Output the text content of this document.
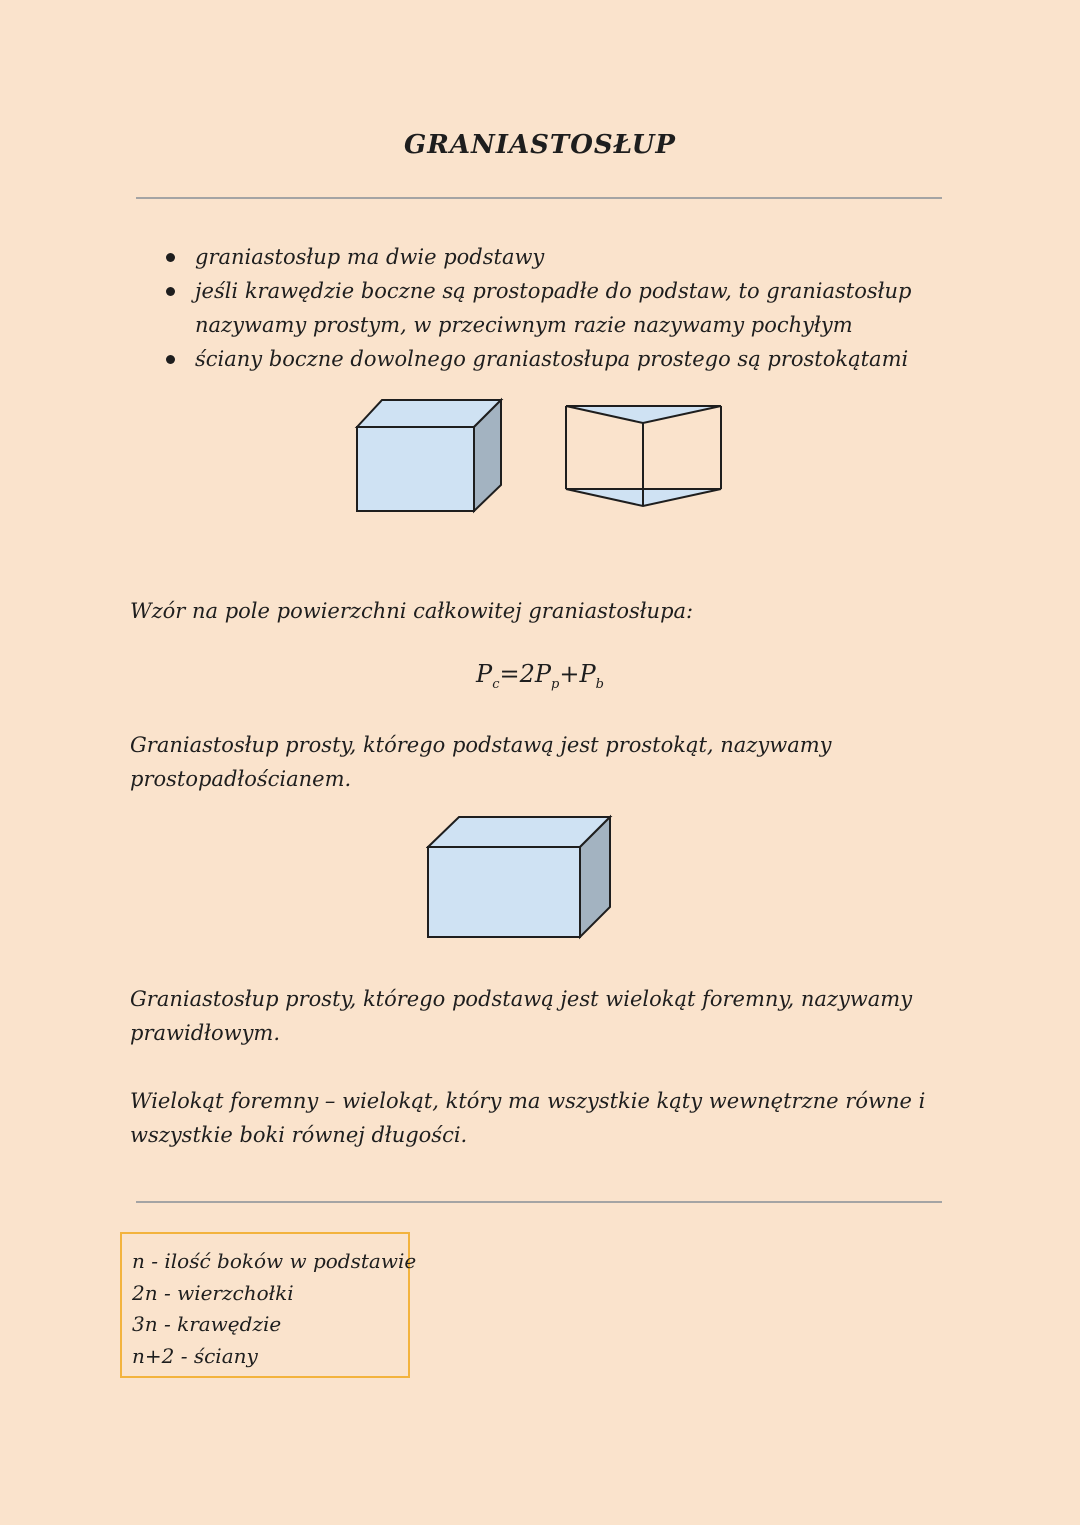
GRANIASTOSŁUP
graniastosłup ma dwie podstawy
jeśli krawędzie boczne są prostopadłe do podstaw, to graniastosłup nazywamy prostym, w przeciwnym razie nazywamy pochyłym
ściany boczne dowolnego graniastosłupa prostego są prostokątami

Wzór na pole powierzchni całkowitej graniastosłupa:

$P_c=2P_p+P_b$

Graniastosłup prosty, którego podstawą jest prostokąt, nazywamy prostopadłościanem.

Graniastosłup prosty, którego podstawą jest wielokąt foremny, nazywamy prawidłowym.

Wielokąt foremny – wielokąt, który ma wszystkie kąty wewnętrzne równe i wszystkie boki równej długości.

n - ilość boków w podstawie
2n - wierzchołki
3n - krawędzie
n+2 - ściany
